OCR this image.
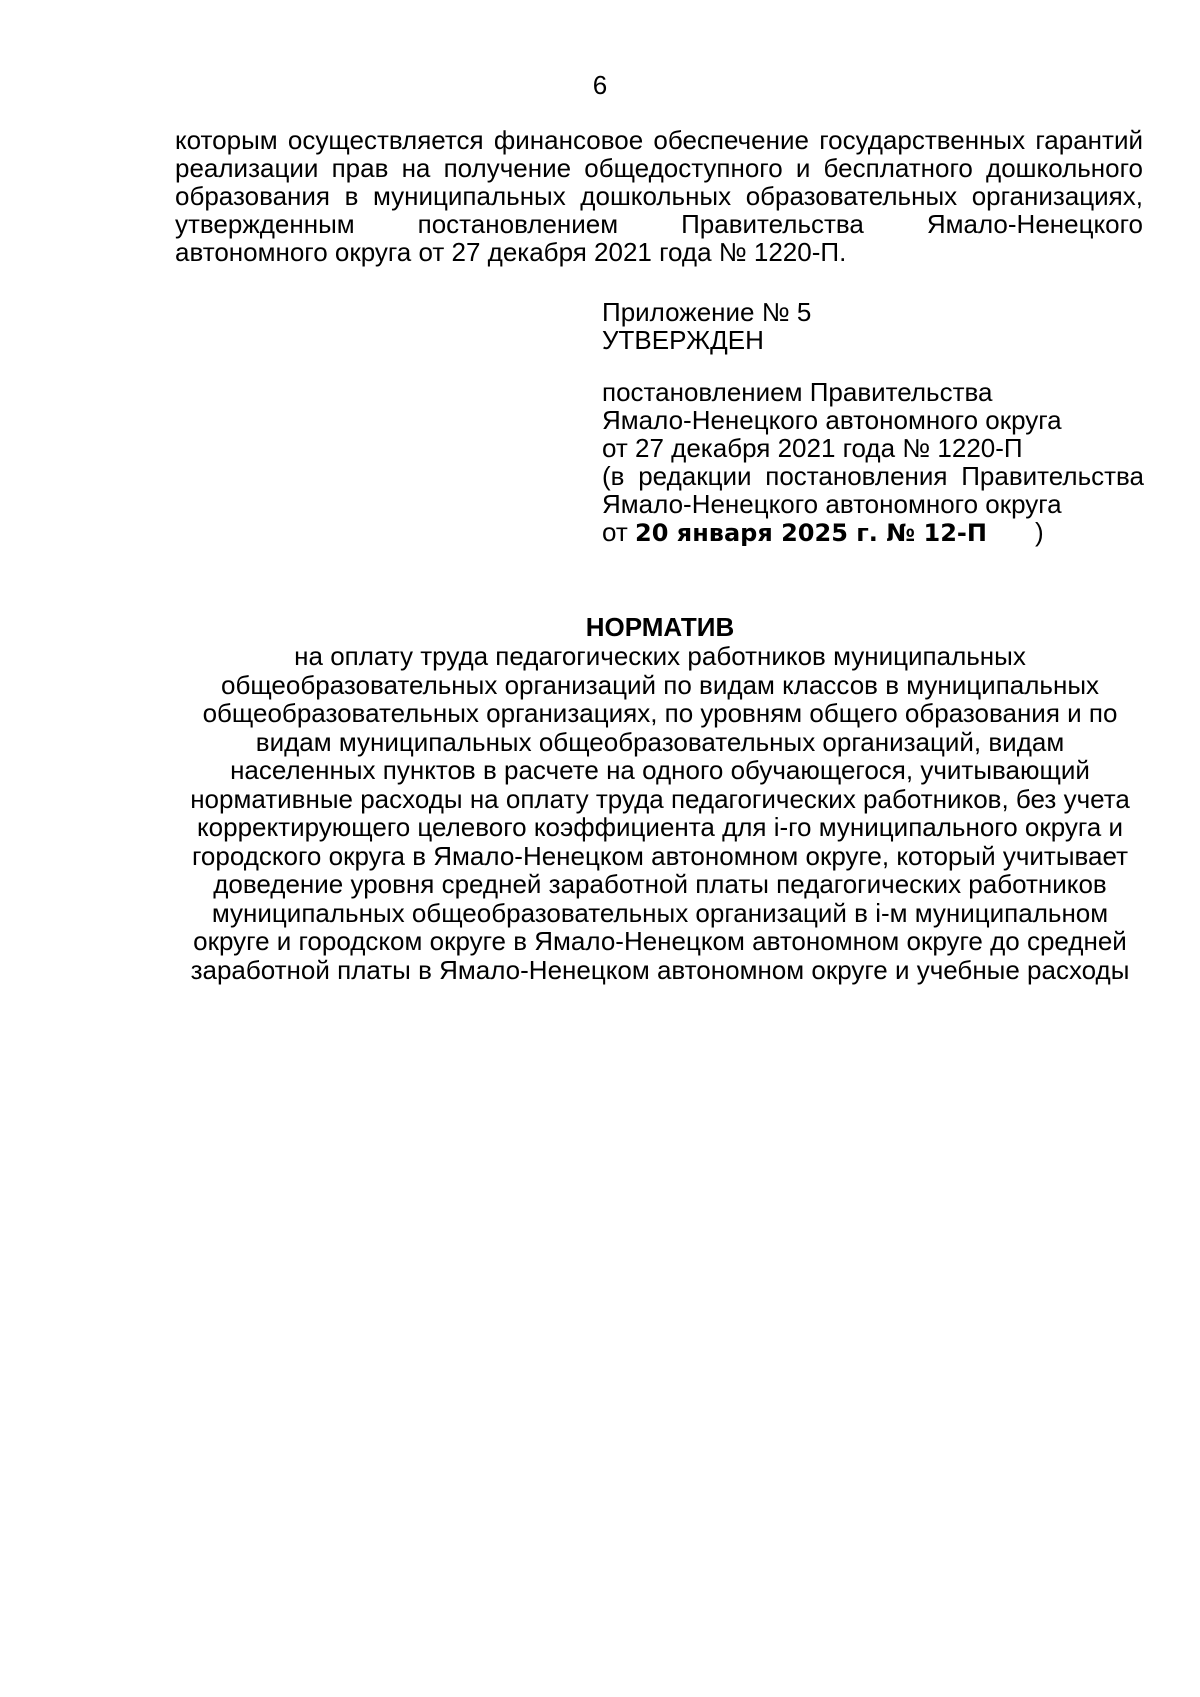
6
которым осуществляется финансовое обеспечение государственных гарантий
реализации прав на получение общедоступного и бесплатного дошкольного
образования в муниципальных дошкольных образовательных организациях,
утвержденным постановлением Правительства Ямало-Ненецкого
автономного округа от 27 декабря 2021 года № 1220-П.
Приложение № 5
УТВЕРЖДЕН
постановлением Правительства
Ямало-Ненецкого автономного округа
от 27 декабря 2021 года № 1220-П
(в редакции постановления Правительства
Ямало-Ненецкого автономного округа
от 20 января 2025 г. № 12-П )
НОРМАТИВ
на оплату труда педагогических работников муниципальных
общеобразовательных организаций по видам классов в муниципальных
общеобразовательных организациях, по уровням общего образования и по
видам муниципальных общеобразовательных организаций, видам
населенных пунктов в расчете на одного обучающегося, учитывающий
нормативные расходы на оплату труда педагогических работников, без учета
корректирующего целевого коэффициента для i-го муниципального округа и
городского округа в Ямало-Ненецком автономном округе, который учитывает
доведение уровня средней заработной платы педагогических работников
муниципальных общеобразовательных организаций в i-м муниципальном
округе и городском округе в Ямало-Ненецком автономном округе до средней
заработной платы в Ямало-Ненецком автономном округе и учебные расходы
